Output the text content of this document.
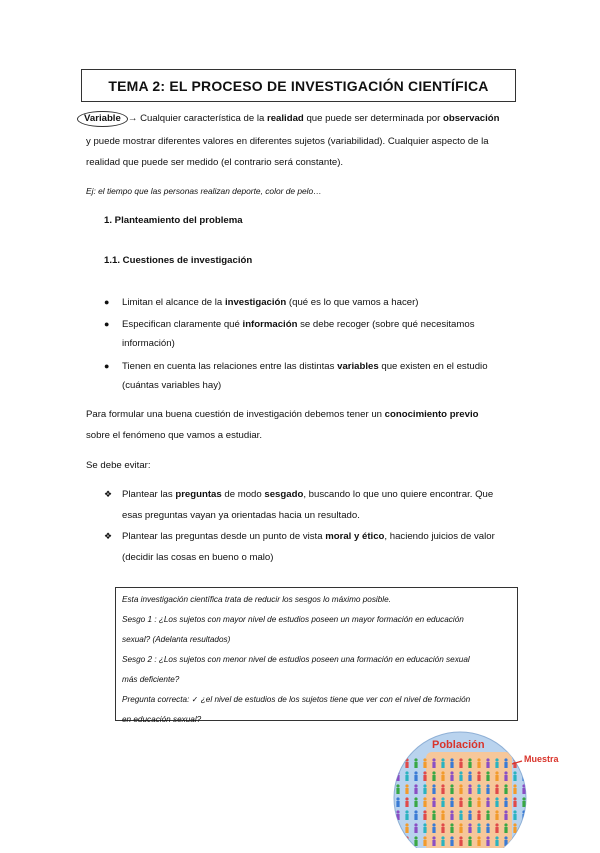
TEMA 2: EL PROCESO DE INVESTIGACIÓN CIENTÍFICA
Variable → Cualquier característica de la realidad que puede ser determinada por observación
y puede mostrar diferentes valores en diferentes sujetos (variabilidad). Cualquier aspecto de la
realidad que puede ser medido (el contrario será constante).
Ej: el tiempo que las personas realizan deporte, color de pelo…
1. Planteamiento del problema
1.1. Cuestiones de investigación
● Limitan el alcance de la investigación (qué es lo que vamos a hacer)
● Especifican claramente qué información se debe recoger (sobre qué necesitamos
información)
● Tienen en cuenta las relaciones entre las distintas variables que existen en el estudio
(cuántas variables hay)
Para formular una buena cuestión de investigación debemos tener un conocimiento previo
sobre el fenómeno que vamos a estudiar.
Se debe evitar:
❖ Plantear las preguntas de modo sesgado, buscando lo que uno quiere encontrar. Que
esas preguntas vayan ya orientadas hacia un resultado.
❖ Plantear las preguntas desde un punto de vista moral y ético, haciendo juicios de valor
(decidir las cosas en bueno o malo)
Esta investigación científica trata de reducir los sesgos lo máximo posible.
Sesgo 1 : ¿Los sujetos con mayor nivel de estudios poseen un mayor formación en educación
sexual? (Adelanta resultados)
Sesgo 2 : ¿Los sujetos con menor nivel de estudios poseen una formación en educación sexual
más deficiente?
Pregunta correcta: ✓ ¿el nivel de estudios de los sujetos tiene que ver con el nivel de formación
en educación sexual?
Población
Muestra
